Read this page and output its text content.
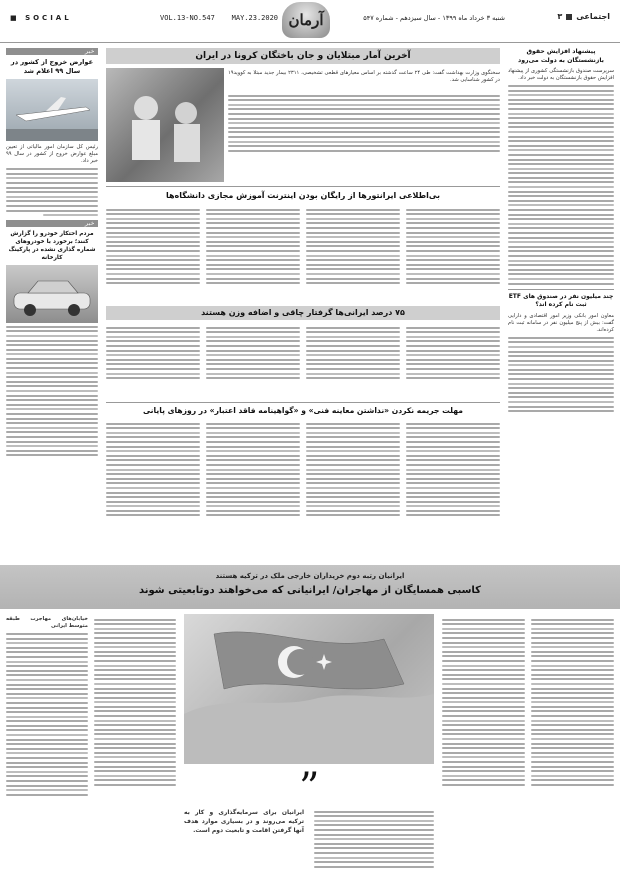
■ SOCIAL	VOL.13-NO.547 MAY.23.2020 آرمان	شنبه ۳ خرداد ماه ۱۳۹۹ - سال سیزدهم - شماره ۵۴۷	اجتماعی
۳
خبر
عوارض خروج از کشور در سال ۹۹ اعلام شد
رئیس کل سازمان امور مالیاتی از تعیین مبلغ عوارض خروج از کشور در سال ۹۹ خبر داد.
خبر
مردم احتکار خودرو را گزارش کنند؛ برخورد با خودروهای شماره گذاری نشده در پارکینگ کارخانه
آخرین آمار مبتلایان و جان باختگان کرونا در ایران
سخنگوی وزارت بهداشت گفت: طی ۲۴ ساعت گذشته بر اساس معیارهای قطعی تشخیصی، ۲۳۱۱ بیمار جدید مبتلا به کووید۱۹ در کشور شناسایی شد.
بی‌اطلاعی ایرانتورها از رایگان بودن اینترنت آموزش مجازی دانشگاه‌ها
۷۵ درصد ایرانی‌ها گرفتار چاقی و اضافه وزن هستند
مهلت جریمه نکردن «نداشتن معاینه فنی» و «گواهینامه فاقد اعتبار» در روزهای پایانی
پیشنهاد افزایش حقوق بازنشستگان به دولت می‌رود
سرپرست صندوق بازنشستگی کشوری از پیشنهاد افزایش حقوق بازنشستگان به دولت خبر داد.
چند میلیون نفر در صندوق های ETF ثبت نام کرده اند؟
معاون امور بانکی وزیر امور اقتصادی و دارایی گفت: بیش از پنج میلیون نفر در سامانه ثبت نام کرده‌اند.
ایرانیان رتبه دوم خریداران خارجی ملک در ترکیه هستند
کاسبی همسایگان از مهاجران/ ایرانیانی که می‌خواهند دوتابعیتی شوند
خیابان‌های مهاجرت طبقه متوسط ایرانی
”
ایرانیان برای سرمایه‌گذاری و کار به ترکیه می‌روند و در بسیاری موارد هدف آنها گرفتن اقامت و تابعیت دوم است.
